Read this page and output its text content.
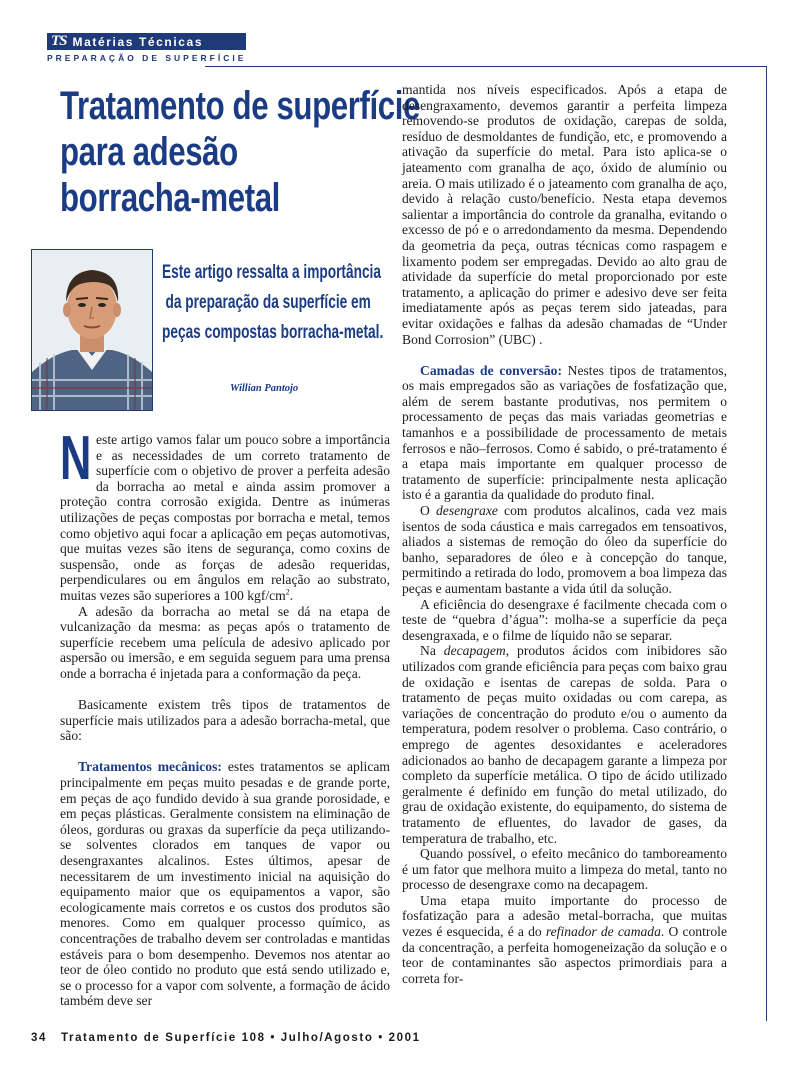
TS Matérias Técnicas
PREPARAÇÃO DE SUPERFÍCIE
Tratamento de superfície
para adesão
borracha-metal
Este artigo ressalta a importância
da preparação da superfície em
peças compostas borracha-metal.
Willian Pantojo

Neste artigo vamos falar um pouco sobre a importância e as necessidades de um correto tratamento de superfície com o objetivo de prover a perfeita adesão da borracha ao metal e ainda assim promover a proteção contra corrosão exigida. Dentre as inúmeras utilizações de peças compostas por borracha e metal, temos como objetivo aqui focar a aplicação em peças automotivas, que muitas vezes são itens de segurança, como coxins de suspensão, onde as forças de adesão requeridas, perpendiculares ou em ângulos em relação ao substrato, muitas vezes são superiores a 100 kgf/$cm^2$.

A adesão da borracha ao metal se dá na etapa de vulcanização da mesma: as peças após o tratamento de superfície recebem uma película de adesivo aplicado por aspersão ou imersão, e em seguida seguem para uma prensa onde a borracha é injetada para a conformação da peça.

Basicamente existem três tipos de tratamentos de superfície mais utilizados para a adesão borracha-metal, que são:

Tratamentos mecânicos: estes tratamentos se aplicam principalmente em peças muito pesadas e de grande porte, em peças de aço fundido devido à sua grande porosidade, e em peças plásticas. Geralmente consistem na eliminação de óleos, gorduras ou graxas da superfície da peça utilizando-se solventes clorados em tanques de vapor ou desengraxantes alcalinos. Estes últimos, apesar de necessitarem de um investimento inicial na aquisição do equipamento maior que os equipamentos a vapor, são ecologicamente mais corretos e os custos dos produtos são menores. Como em qualquer processo químico, as concentrações de trabalho devem ser controladas e mantidas estáveis para o bom desempenho. Devemos nos atentar ao teor de óleo contido no produto que está sendo utilizado e, se o processo for a vapor com solvente, a formação de ácido também deve ser

mantida nos níveis especificados. Após a etapa de desengraxamento, devemos garantir a perfeita limpeza removendo-se produtos de oxidação, carepas de solda, resíduo de desmoldantes de fundição, etc, e promovendo a ativação da superfície do metal. Para isto aplica-se o jateamento com granalha de aço, óxido de alumínio ou areia. O mais utilizado é o jateamento com granalha de aço, devido à relação custo/benefício. Nesta etapa devemos salientar a importância do controle da granalha, evitando o excesso de pó e o arredondamento da mesma. Dependendo da geometria da peça, outras técnicas como raspagem e lixamento podem ser empregadas. Devido ao alto grau de atividade da superfície do metal proporcionado por este tratamento, a aplicação do primer e adesivo deve ser feita imediatamente após as peças terem sido jateadas, para evitar oxidações e falhas da adesão chamadas de “Under Bond Corrosion” (UBC) .

Camadas de conversão: Nestes tipos de tratamentos, os mais empregados são as variações de fosfatização que, além de serem bastante produtivas, nos permitem o processamento de peças das mais variadas geometrias e tamanhos e a possibilidade de processamento de metais ferrosos e não–ferrosos. Como é sabido, o pré-tratamento é a etapa mais importante em qualquer processo de tratamento de superfície: principalmente nesta aplicação isto é a garantia da qualidade do produto final.

O desengraxe com produtos alcalinos, cada vez mais isentos de soda cáustica e mais carregados em tensoativos, aliados a sistemas de remoção do óleo da superfície do banho, separadores de óleo e à concepção do tanque, permitindo a retirada do lodo, promovem a boa limpeza das peças e aumentam bastante a vida útil da solução.

A eficiência do desengraxe é facilmente checada com o teste de “quebra d’água”: molha-se a superfície da peça desengraxada, e o filme de líquido não se separar.

Na decapagem, produtos ácidos com inibidores são utilizados com grande eficiência para peças com baixo grau de oxidação e isentas de carepas de solda. Para o tratamento de peças muito oxidadas ou com carepa, as variações de concentração do produto e/ou o aumento da temperatura, podem resolver o problema. Caso contrário, o emprego de agentes desoxidantes e aceleradores adicionados ao banho de decapagem garante a limpeza por completo da superfície metálica. O tipo de ácido utilizado geralmente é definido em função do metal utilizado, do grau de oxidação existente, do equipamento, do sistema de tratamento de efluentes, do lavador de gases, da temperatura de trabalho, etc.

Quando possível, o efeito mecânico do tamboreamento é um fator que melhora muito a limpeza do metal, tanto no processo de desengraxe como na decapagem.

Uma etapa muito importante do processo de fosfatização para a adesão metal-borracha, que muitas vezes é esquecida, é a do refinador de camada. O controle da concentração, a perfeita homogeneização da solução e o teor de contaminantes são aspectos primordiais para a correta for-

34 Tratamento de Superfície 108 • Julho/Agosto • 2001
